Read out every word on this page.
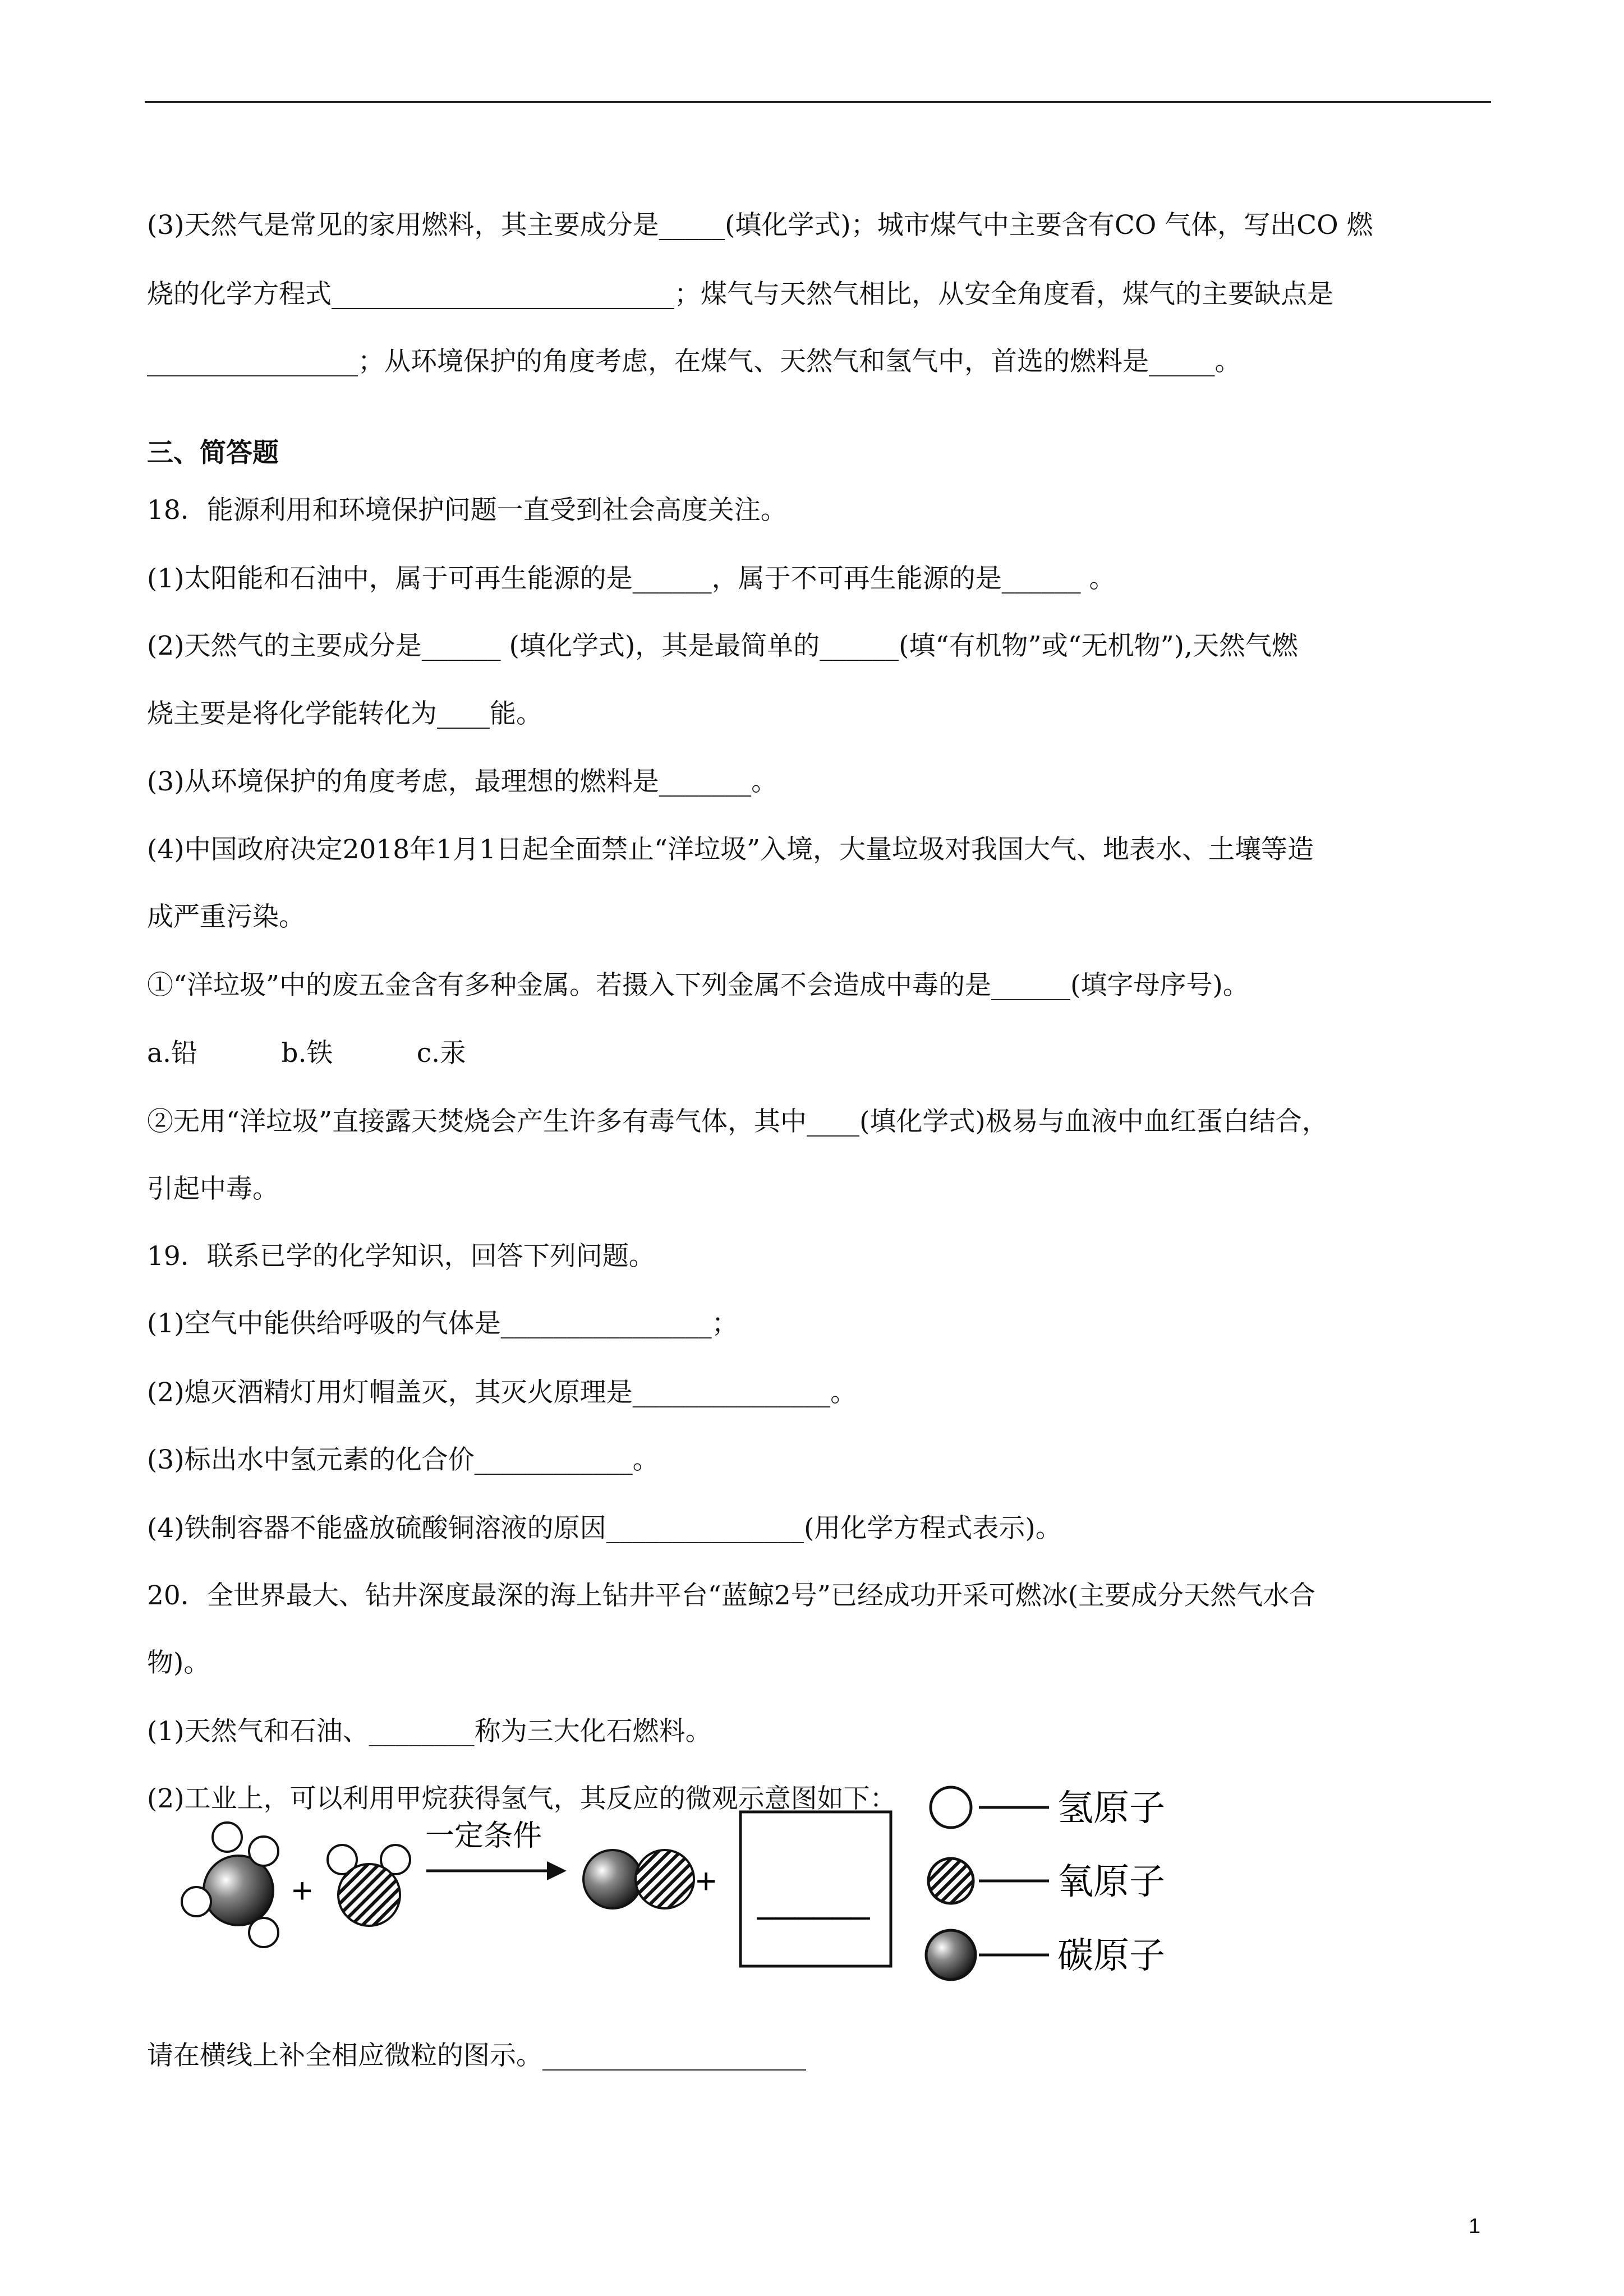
(3)天然气是常见的家用燃料，其主要成分是_____(填化学式)；城市煤气中主要含有CO 气体，写出CO 燃
烧的化学方程式__________________________；煤气与天然气相比，从安全角度看，煤气的主要缺点是
________________；从环境保护的角度考虑，在煤气、天然气和氢气中，首选的燃料是_____。
三、简答题
18．能源利用和环境保护问题一直受到社会高度关注。
(1)太阳能和石油中，属于可再生能源的是______，属于不可再生能源的是______ 。
(2)天然气的主要成分是______ (填化学式)，其是最简单的______(填“有机物”或“无机物”),天然气燃
烧主要是将化学能转化为____能。
(3)从环境保护的角度考虑，最理想的燃料是_______。
(4)中国政府决定2018年1月1日起全面禁止“洋垃圾”入境，大量垃圾对我国大气、地表水、土壤等造
成严重污染。
①“洋垃圾”中的废五金含有多种金属。若摄入下列金属不会造成中毒的是______(填字母序号)。
a.铅          b.铁          c.汞
②无用“洋垃圾”直接露天焚烧会产生许多有毒气体，其中____(填化学式)极易与血液中血红蛋白结合，
引起中毒。
19．联系已学的化学知识，回答下列问题。
(1)空气中能供给呼吸的气体是________________；
(2)熄灭酒精灯用灯帽盖灭，其灭火原理是_______________。
(3)标出水中氢元素的化合价____________。
(4)铁制容器不能盛放硫酸铜溶液的原因_______________(用化学方程式表示)。
20．全世界最大、钻井深度最深的海上钻井平台“蓝鲸2号”已经成功开采可燃冰(主要成分天然气水合
物)。
(1)天然气和石油、________称为三大化石燃料。
(2)工业上，可以利用甲烷获得氢气，其反应的微观示意图如下：
+
一定条件
+
______
氢原子
氧原子
碳原子
请在横线上补全相应微粒的图示。____________________
1
